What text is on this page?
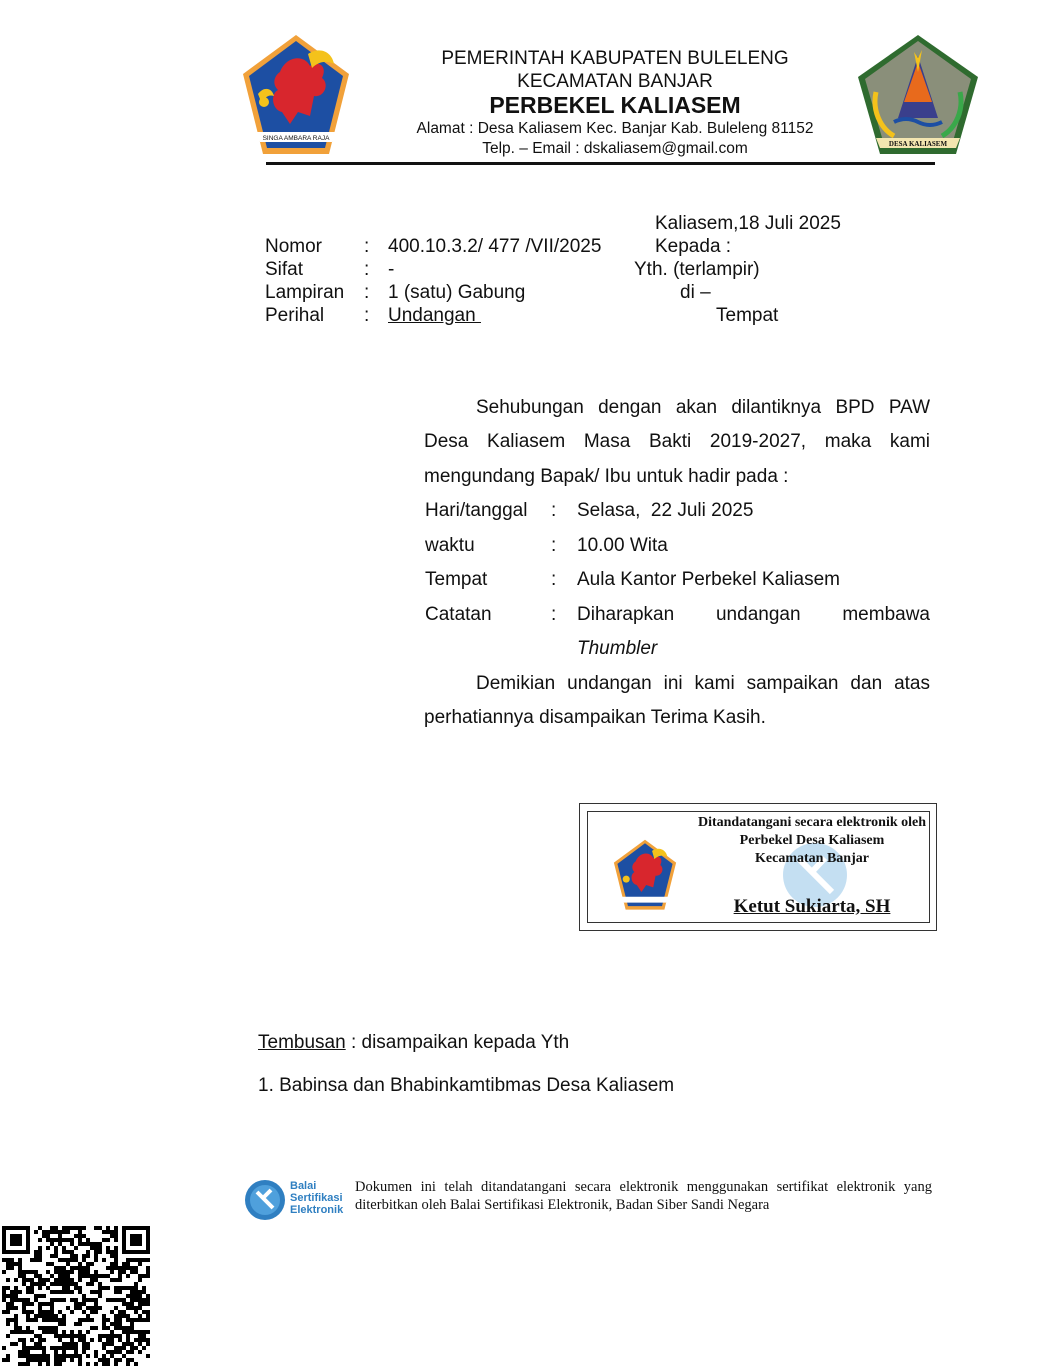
SINGA AMBARA RAJA
PEMERINTAH KABUPATEN BULELENG
KECAMATAN BANJAR
PERBEKEL KALIASEM
Alamat : Desa Kaliasem Kec. Banjar Kab. Buleleng 81152
Telp. – Email : dskaliasem@gmail.com	DESA KALIASEM
Kaliasem,18 Juli 2025
Nomor : 400.10.3.2/ 477 /VII/2025	Kepada :
Sifat	: -	Yth. (terlampir)
Lampiran : 1 (satu) Gabung	di –
Perihal : Undangan	Tempat
Sehubungan dengan akan dilantiknya BPD PAW
Desa Kaliasem Masa Bakti 2019-2027, maka kami
mengundang Bapak/ Ibu untuk hadir pada :
Hari/tanggal : Selasa,  22 Juli 2025
waktu	: 10.00 Wita
Tempat	: Aula Kantor Perbekel Kaliasem
Catatan	: Diharapkan undangan membawa
Thumbler
Demikian undangan ini kami sampaikan dan atas
perhatiannya disampaikan Terima Kasih.
Ditandatangani secara elektronik oleh
Perbekel Desa Kaliasem
Kecamatan Banjar
Ketut Sukiarta, SH
Tembusan : disampaikan kepada Yth
1. Babinsa dan Bhabinkamtibmas Desa Kaliasem
Balai
Sertifikasi
Elektronik
Dokumen ini telah ditandatangani secara elektronik menggunakan sertifikat elektronik yang diterbitkan oleh Balai Sertifikasi Elektronik, Badan Siber Sandi Negara
